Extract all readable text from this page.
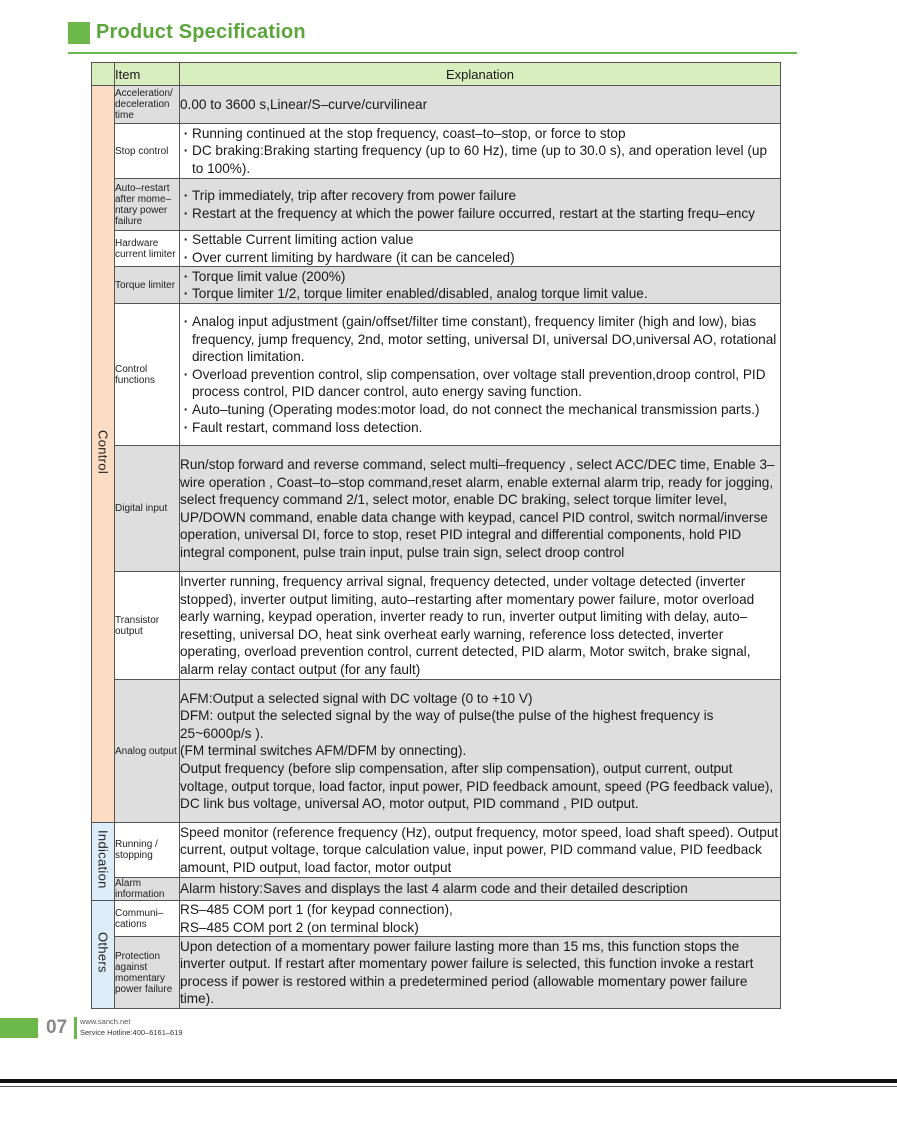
Product Specification
	Item	Explanation
Control	Acceleration/ deceleration time	0.00 to 3600 s,Linear/S–curve/curvilinear

	Stop control	· Running continued at the stop frequency, coast–to–stop, or force to stop
· DC braking:Braking starting frequency (up to 60 Hz), time (up to 30.0 s), and operation level (up to 100%).

	Auto–restart after mome–ntary power failure	· Trip immediately, trip after recovery from power failure
· Restart at the frequency at which the power failure occurred, restart at the starting frequ–ency

	Hardware current limiter	· Settable Current limiting action value
· Over current limiting by hardware (it can be canceled)

	Torque limiter	· Torque limit value (200%)
· Torque limiter 1/2, torque limiter enabled/disabled, analog torque limit value.

	Control functions	· Analog input adjustment (gain/offset/filter time constant), frequency limiter (high and low), bias frequency, jump frequency, 2nd, motor setting, universal DI, universal DO,universal AO, rotational direction limitation.
· Overload prevention control, slip compensation, over voltage stall prevention,droop control, PID process control, PID dancer control, auto energy saving function.
· Auto–tuning (Operating modes:motor load, do not connect the mechanical transmission parts.)
· Fault restart, command loss detection.

	Digital input	Run/stop forward and reverse command, select multi–frequency , select ACC/DEC time, Enable 3–wire operation , Coast–to–stop command,reset alarm, enable external alarm trip, ready for jogging, select frequency command 2/1, select motor, enable DC braking, select torque limiter level, UP/DOWN command, enable data change with keypad, cancel PID control, switch normal/inverse operation, universal DI, force to stop, reset PID integral and differential components, hold PID integral component, pulse train input, pulse train sign, select droop control

	Transistor output	Inverter running, frequency arrival signal, frequency detected, under voltage detected (inverter stopped), inverter output limiting, auto–restarting after momentary power failure, motor overload early warning, keypad operation, inverter ready to run, inverter output limiting with delay, auto–resetting, universal DO, heat sink overheat early warning, reference loss detected, inverter operating, overload prevention control, current detected, PID alarm, Motor switch, brake signal, alarm relay contact output (for any fault)

	Analog output	AFM:Output a selected signal with DC voltage (0 to +10 V)
DFM: output the selected signal by the way of pulse(the pulse of the highest frequency is 25~6000p/s ).
(FM terminal switches AFM/DFM by onnecting).
Output frequency (before slip compensation, after slip compensation), output current, output voltage, output torque, load factor, input power, PID feedback amount, speed (PG feedback value), DC link bus voltage, universal AO, motor output, PID command , PID output.

Indication	Running / stopping	Speed monitor (reference frequency (Hz), output frequency, motor speed, load shaft speed). Output current, output voltage, torque calculation value, input power, PID command value, PID feedback amount, PID output, load factor, motor output

	Alarm information	Alarm history:Saves and displays the last 4 alarm code and their detailed description

Others	Communi– cations	RS–485 COM port 1 (for keypad connection),
RS–485 COM port 2 (on terminal block)

	Protection against momentary power failure	Upon detection of a momentary power failure lasting more than 15 ms, this function stops the inverter output. If restart after momentary power failure is selected, this function invoke a restart process if power is restored within a predetermined period (allowable momentary power failure time).
07 www.sanch.net
Service Hotline:400–6161–619
